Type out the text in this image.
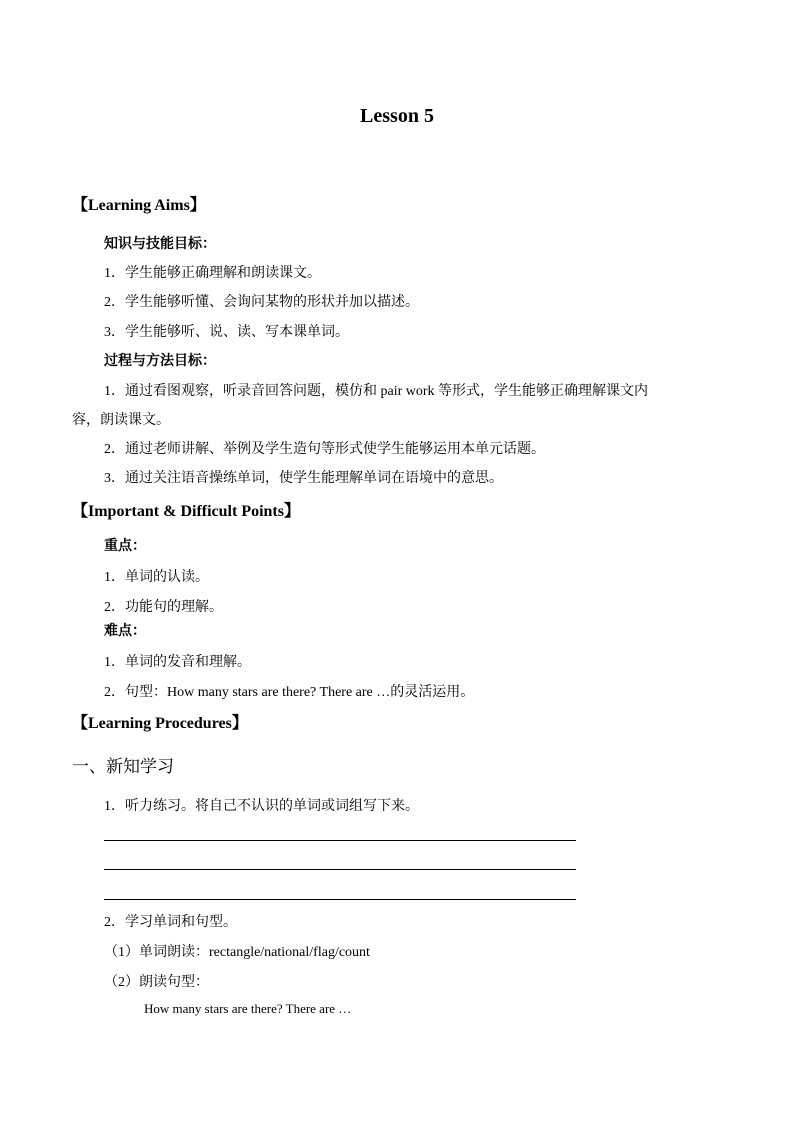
Lesson 5
【Learning Aims】
知识与技能目标：
1．学生能够正确理解和朗读课文。
2．学生能够听懂、会询问某物的形状并加以描述。
3．学生能够听、说、读、写本课单词。
过程与方法目标：
1．通过看图观察，听录音回答问题，模仿和 pair work 等形式，学生能够正确理解课文内
容，朗读课文。
2．通过老师讲解、举例及学生造句等形式使学生能够运用本单元话题。
3．通过关注语音操练单词，使学生能理解单词在语境中的意思。
【Important & Difficult Points】
重点：
1．单词的认读。
2．功能句的理解。
难点：
1．单词的发音和理解。
2．句型：How many stars are there? There are …的灵活运用。
【Learning Procedures】
一、新知学习
1．听力练习。将自己不认识的单词或词组写下来。
2．学习单词和句型。
（1）单词朗读：rectangle/national/flag/count
（2）朗读句型：
How many stars are there? There are …
